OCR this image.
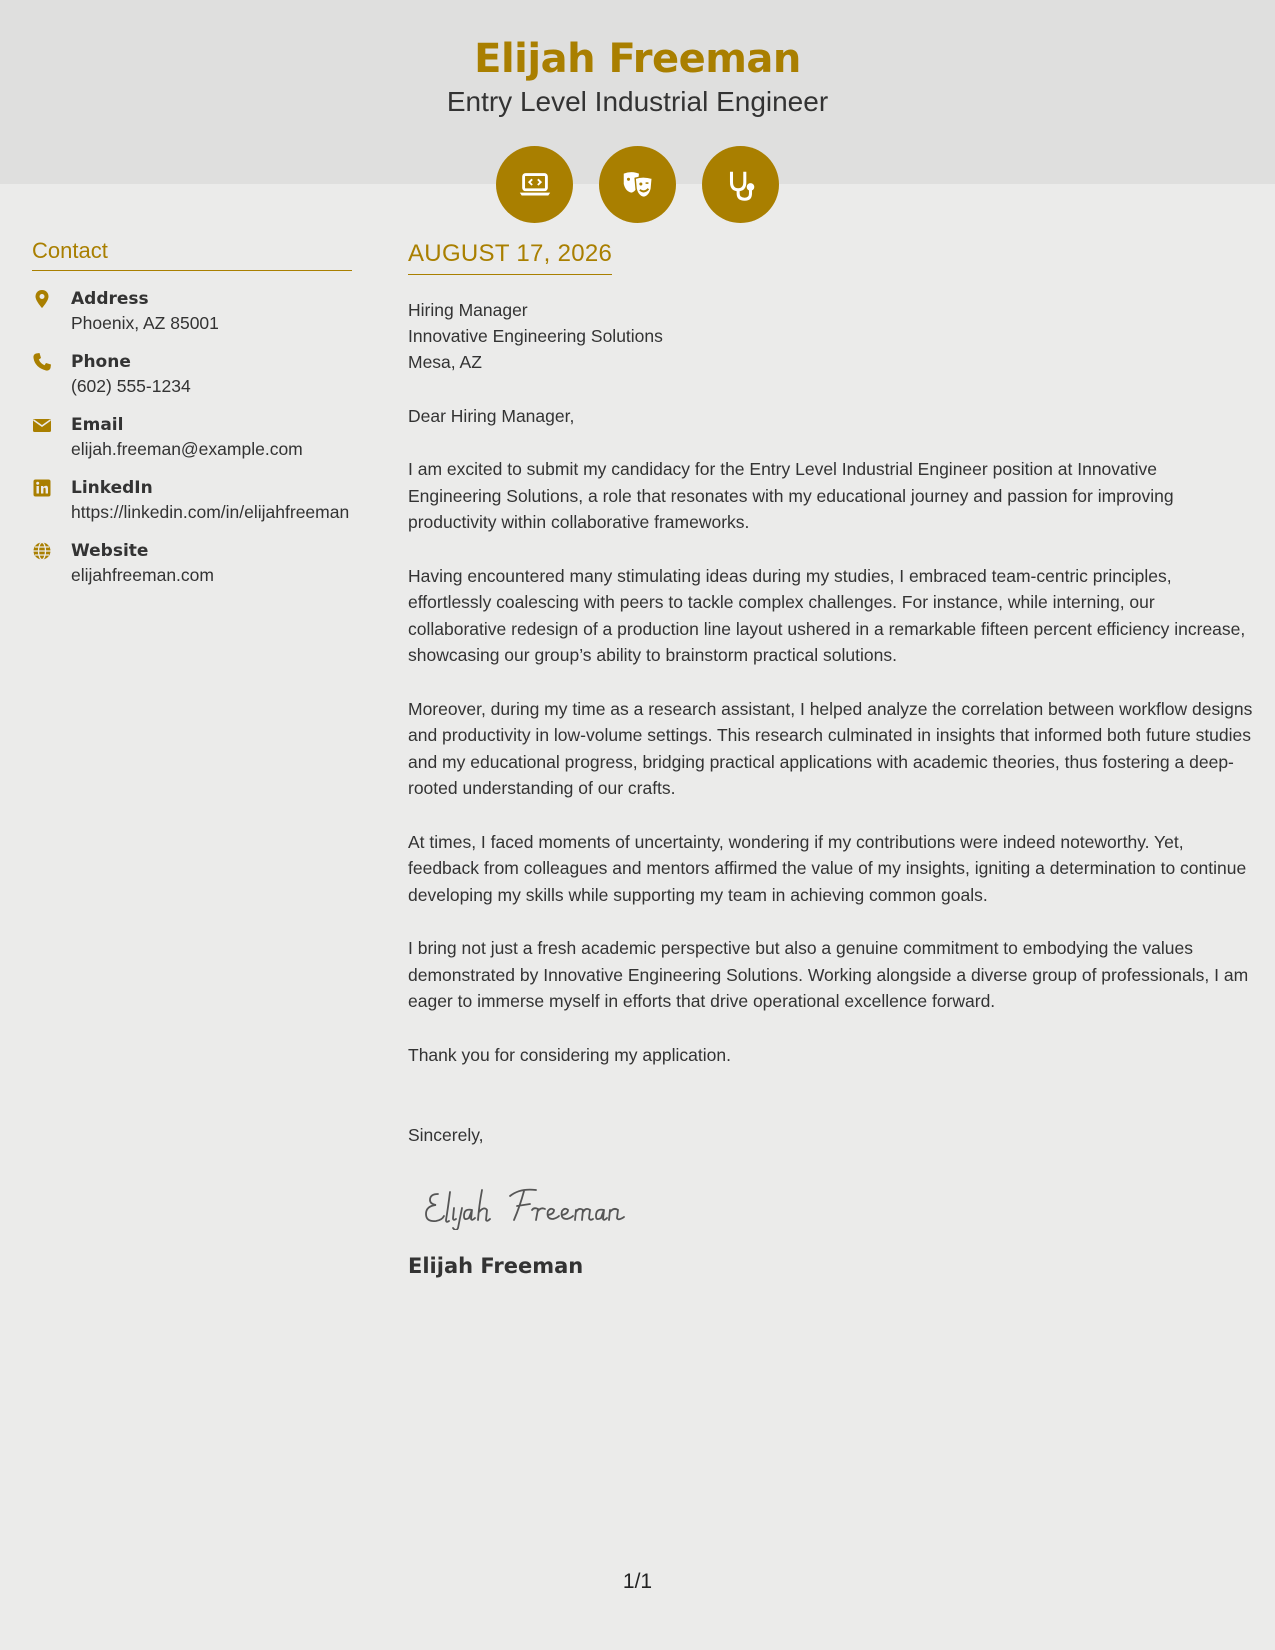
Elijah Freeman
Entry Level Industrial Engineer
Contact
Address
Phoenix, AZ 85001
Phone
(602) 555-1234
Email
elijah.freeman@example.com
LinkedIn
https://linkedin.com/in/elijahfreeman
Website
elijahfreeman.com
AUGUST 17, 2026
Hiring Manager
Innovative Engineering Solutions
Mesa, AZ
Dear Hiring Manager,

I am excited to submit my candidacy for the Entry Level Industrial Engineer position at Innovative Engineering Solutions, a role that resonates with my educational journey and passion for improving productivity within collaborative frameworks.

Having encountered many stimulating ideas during my studies, I embraced team-centric principles, effortlessly coalescing with peers to tackle complex challenges. For instance, while interning, our collaborative redesign of a production line layout ushered in a remarkable fifteen percent efficiency increase, showcasing our group’s ability to brainstorm practical solutions.

Moreover, during my time as a research assistant, I helped analyze the correlation between workflow designs and productivity in low-volume settings. This research culminated in insights that informed both future studies and my educational progress, bridging practical applications with academic theories, thus fostering a deep-rooted understanding of our crafts.

At times, I faced moments of uncertainty, wondering if my contributions were indeed noteworthy. Yet, feedback from colleagues and mentors affirmed the value of my insights, igniting a determination to continue developing my skills while supporting my team in achieving common goals.

I bring not just a fresh academic perspective but also a genuine commitment to embodying the values demonstrated by Innovative Engineering Solutions. Working alongside a diverse group of professionals, I am eager to immerse myself in efforts that drive operational excellence forward.

Thank you for considering my application.

Sincerely,
Elijah Freeman
1/1
